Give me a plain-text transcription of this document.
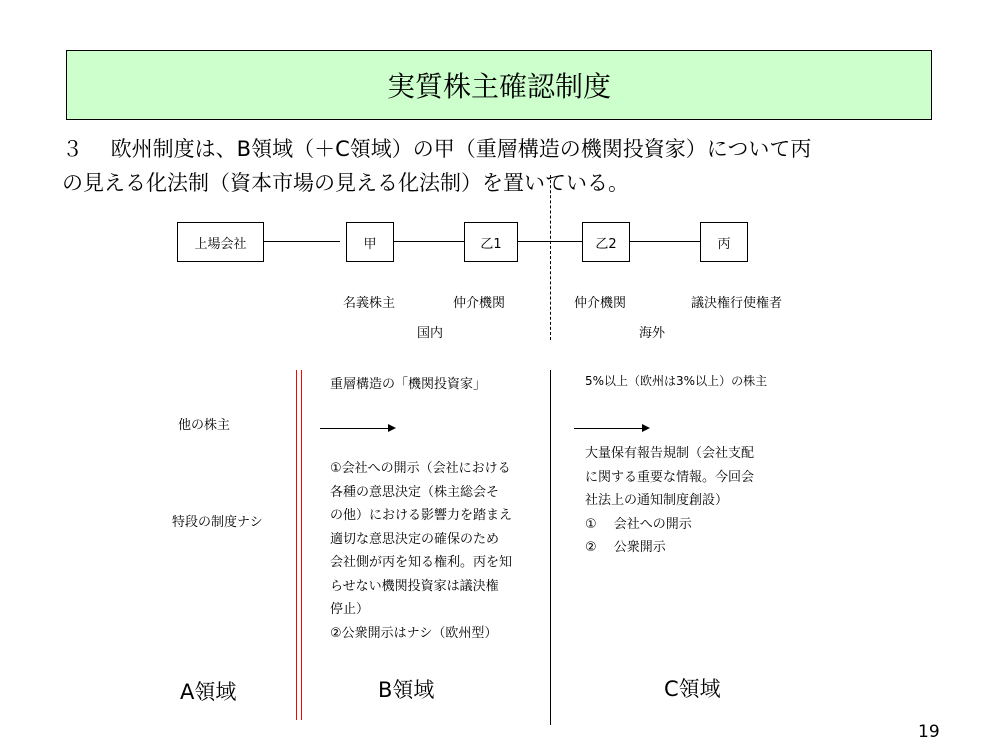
実質株主確認制度
３　 欧州制度は、B領域（＋C領域）の甲（重層構造の機関投資家）について丙
の見える化法制（資本市場の見える化法制）を置いている。
上場会社	甲	乙1	乙2	丙
名義株主	仲介機関	仲介機関	議決権行使権者
国内	海外
他の株主
特段の制度ナシ
A領域
重層構造の「機関投資家」
①会社への開示（会社における
各種の意思決定（株主総会そ
の他）における影響力を踏まえ
適切な意思決定の確保のため
会社側が丙を知る権利。丙を知
らせない機関投資家は議決権
停止）
②公衆開示はナシ（欧州型）
B領域
5%以上（欧州は3%以上）の株主
大量保有報告規制（会社支配
に関する重要な情報。今回会
社法上の通知制度創設）
①　 会社への開示
②　 公衆開示
C領域
19
